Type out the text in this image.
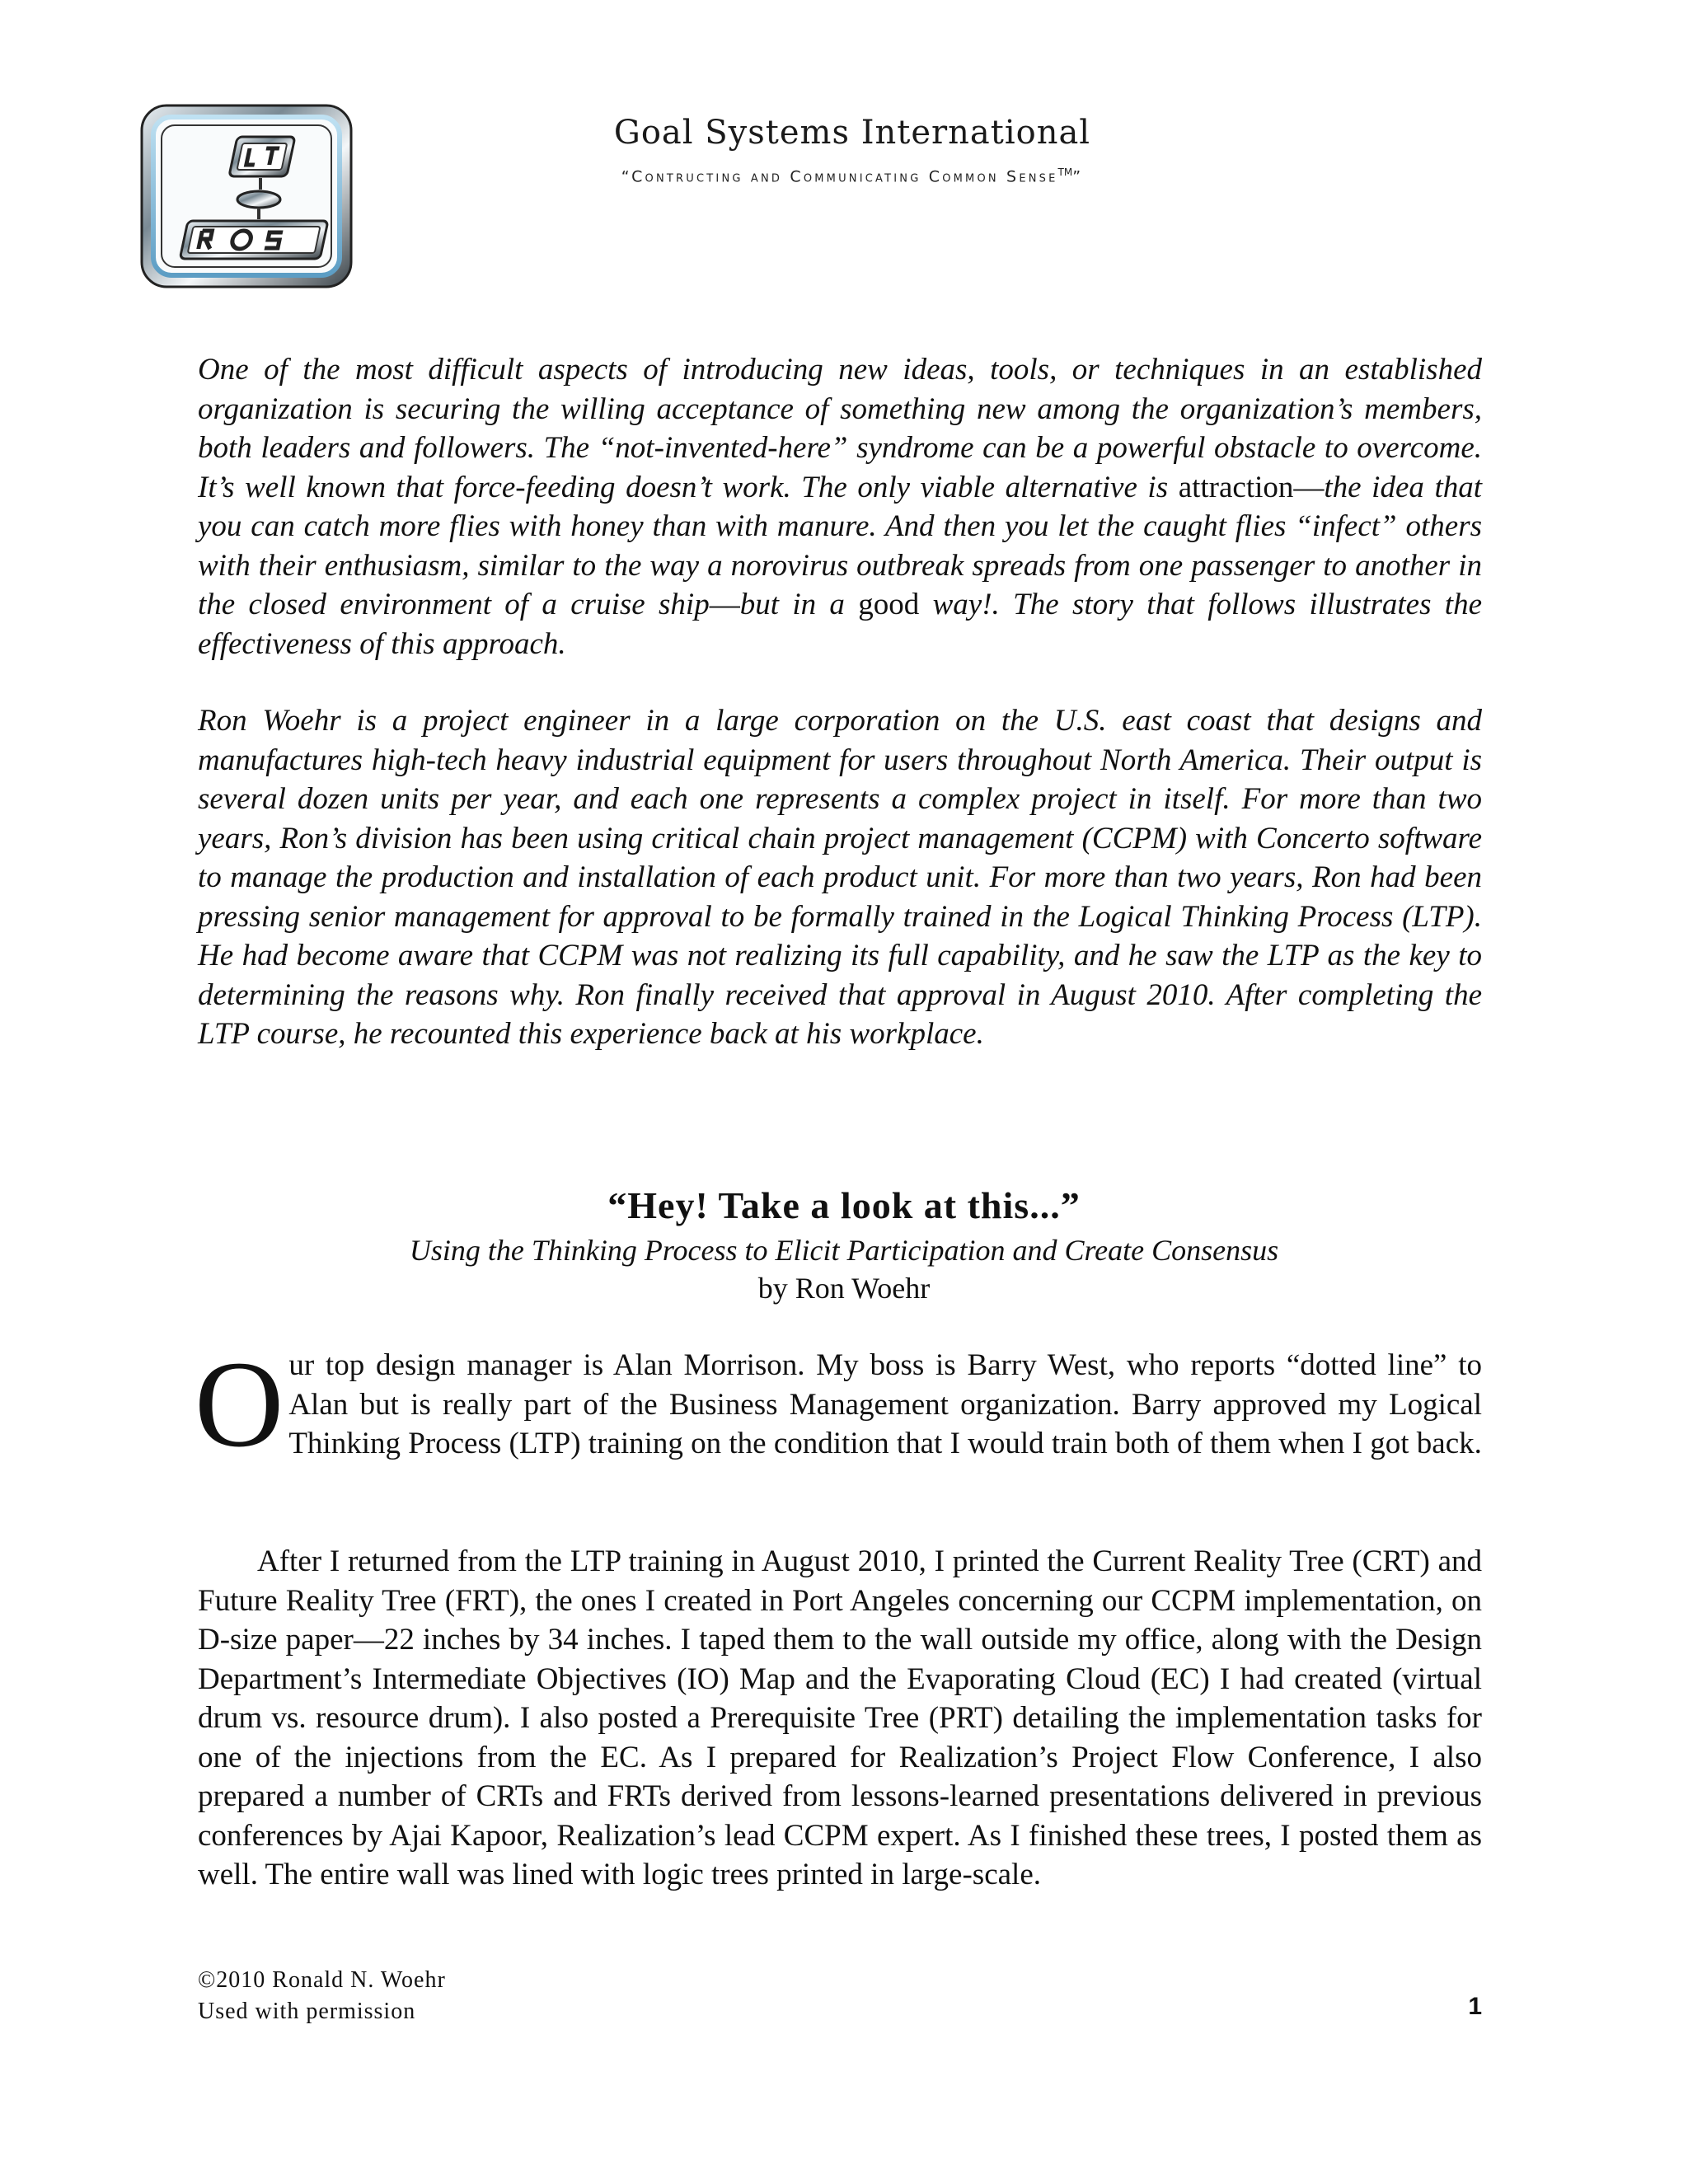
Goal Systems International
“Contructing and Communicating Common Sense™”

One of the most difficult aspects of introducing new ideas, tools, or techniques in an established organization is securing the willing acceptance of something new among the organization’s members, both leaders and followers. The “not-invented-here” syndrome can be a powerful obstacle to overcome. It’s well known that force-feeding doesn’t work. The only viable alternative is attraction—the idea that you can catch more flies with honey than with manure. And then you let the caught flies “infect” others with their enthusiasm, similar to the way a norovirus outbreak spreads from one passenger to another in the closed environment of a cruise ship—but in a good way!. The story that follows illustrates the effectiveness of this approach.

Ron Woehr is a project engineer in a large corporation on the U.S. east coast that designs and manufactures high-tech heavy industrial equipment for users throughout North America. Their output is several dozen units per year, and each one represents a complex project in itself. For more than two years, Ron’s division has been using critical chain project management (CCPM) with Concerto software to manage the production and installation of each product unit. For more than two years, Ron had been pressing senior management for approval to be formally trained in the Logical Thinking Process (LTP). He had become aware that CCPM was not realizing its full capability, and he saw the LTP as the key to determining the reasons why. Ron finally received that approval in August 2010. After completing the LTP course, he recounted this experience back at his workplace.

“Hey! Take a look at this...”

Using the Thinking Process to Elicit Participation and Create Consensus

by Ron Woehr

Our top design manager is Alan Morrison. My boss is Barry West, who reports “dotted line” to Alan but is really part of the Business Management organization. Barry approved my Logical Thinking Process (LTP) training on the condition that I would train both of them when I got back.

After I returned from the LTP training in August 2010, I printed the Current Reality Tree (CRT) and Future Reality Tree (FRT), the ones I created in Port Angeles concerning our CCPM implementation, on D-size paper—22 inches by 34 inches. I taped them to the wall outside my office, along with the Design Department’s Intermediate Objectives (IO) Map and the Evaporating Cloud (EC) I had created (virtual drum vs. resource drum). I also posted a Prerequisite Tree (PRT) detailing the implementation tasks for one of the injections from the EC. As I prepared for Realization’s Project Flow Conference, I also prepared a number of CRTs and FRTs derived from lessons-learned presentations delivered in previous conferences by Ajai Kapoor, Realization’s lead CCPM expert. As I finished these trees, I posted them as well. The entire wall was lined with logic trees printed in large-scale.

©2010 Ronald N. Woehr
Used with permission	1
